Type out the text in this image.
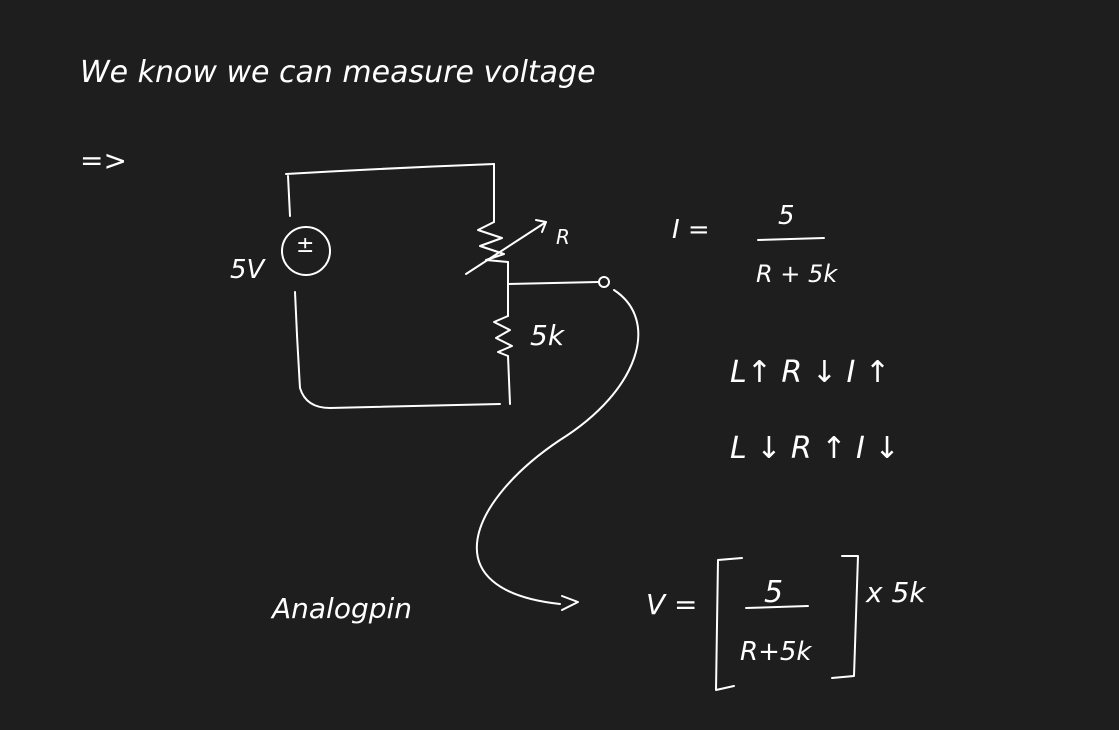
We know we can measure voltage
=>
±
5V
R
5k
Analogpin
I =	5
R + 5k
L↑ R ↓ I ↑
L ↓ R ↑ I ↓
V = 5
R+5k
x 5k
